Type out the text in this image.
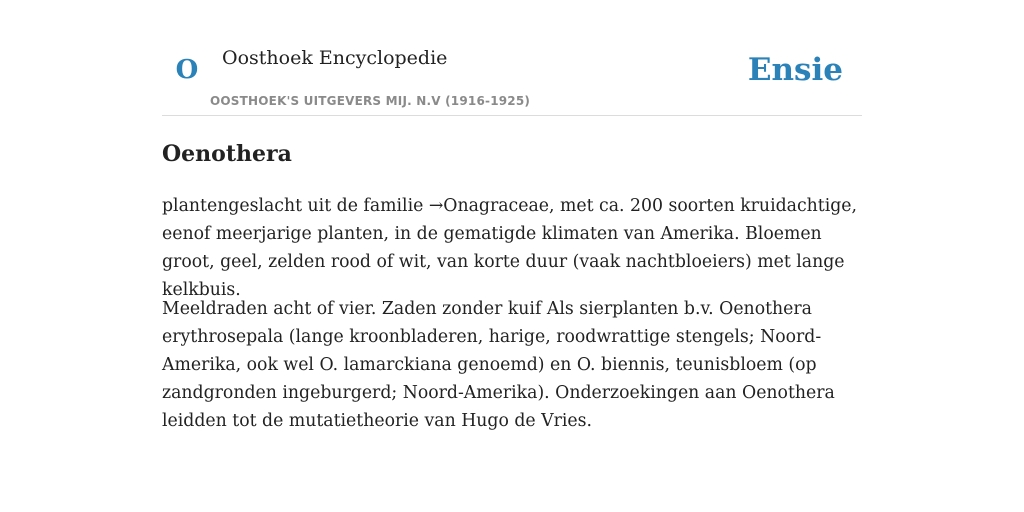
O Oosthoek Encyclopedie	Ensie
OOSTHOEK'S UITGEVERS MIJ. N.V (1916-1925)
Oenothera

plantengeslacht uit de familie →Onagraceae, met ca. 200 soorten kruidachtige, eenof meerjarige planten, in de gematigde klimaten van Amerika. Bloemen groot, geel, zelden rood of wit, van korte duur (vaak nachtbloeiers) met lange kelkbuis.

Meeldraden acht of vier. Zaden zonder kuif Als sierplanten b.v. Oenothera erythrosepala (lange kroonbladeren, harige, roodwrattige stengels; Noord-Amerika, ook wel O. lamarckiana genoemd) en O. biennis, teunisbloem (op zandgronden ingeburgerd; Noord-Amerika). Onderzoekingen aan Oenothera leidden tot de mutatietheorie van Hugo de Vries.
